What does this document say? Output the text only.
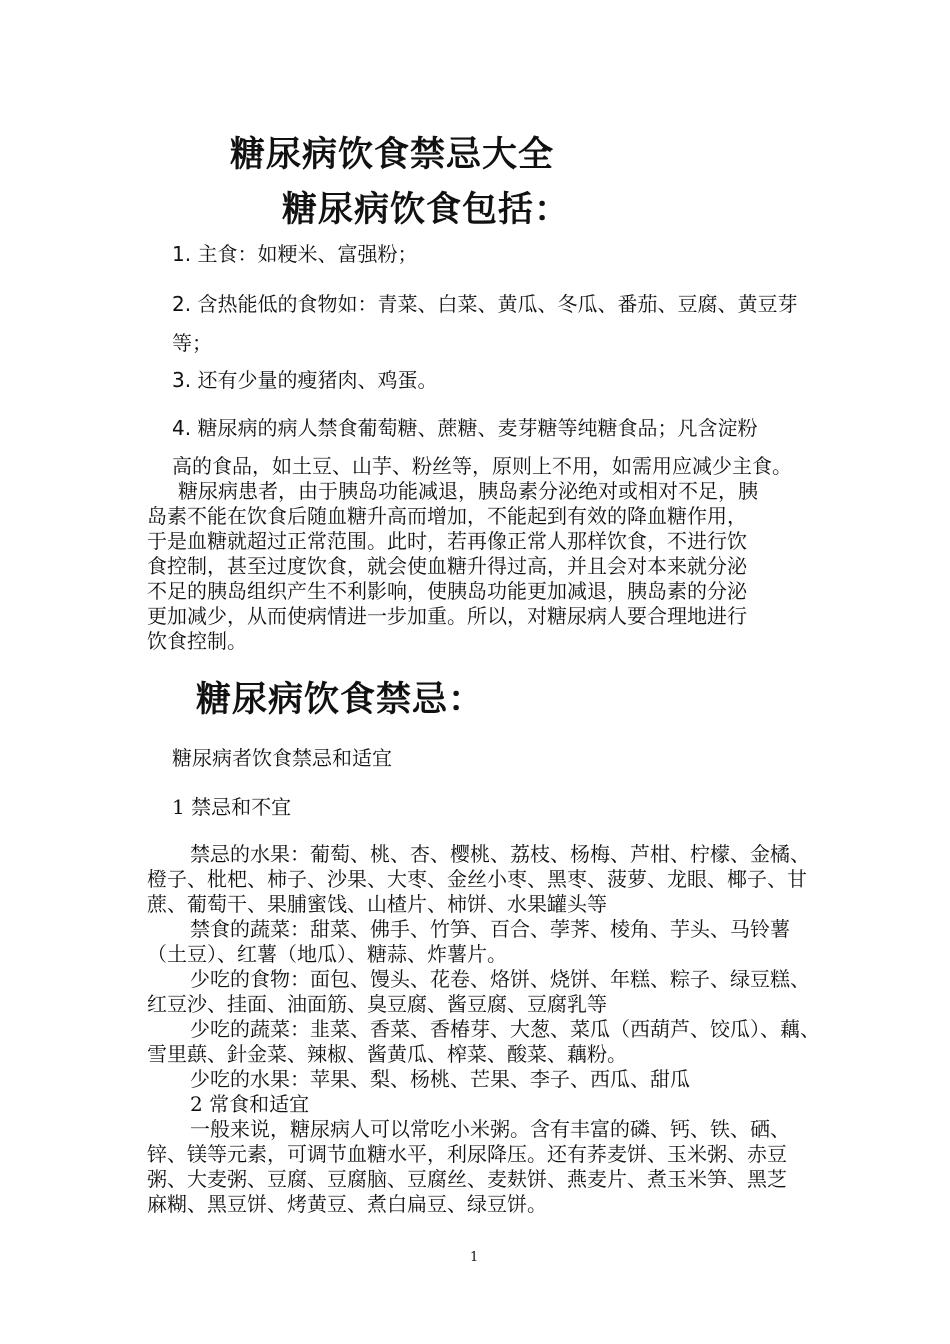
糖尿病饮食禁忌大全
糖尿病饮食包括：
1. 主食：如粳米、富强粉；
2. 含热能低的食物如：青菜、白菜、黄瓜、冬瓜、番茄、豆腐、黄豆芽
等；
3. 还有少量的瘦猪肉、鸡蛋。
4. 糖尿病的病人禁食葡萄糖、蔗糖、麦芽糖等纯糖食品；凡含淀粉
高的食品，如土豆、山芋、粉丝等，原则上不用，如需用应减少主食。
糖尿病患者，由于胰岛功能减退，胰岛素分泌绝对或相对不足，胰
岛素不能在饮食后随血糖升高而增加，不能起到有效的降血糖作用，
于是血糖就超过正常范围。此时，若再像正常人那样饮食，不进行饮
食控制，甚至过度饮食，就会使血糖升得过高，并且会对本来就分泌
不足的胰岛组织产生不利影响，使胰岛功能更加减退，胰岛素的分泌
更加减少，从而使病情进一步加重。所以，对糖尿病人要合理地进行
饮食控制。
糖尿病饮食禁忌：
糖尿病者饮食禁忌和适宜
1 禁忌和不宜
禁忌的水果：葡萄、桃、杏、樱桃、荔枝、杨梅、芦柑、柠檬、金橘、
橙子、枇杷、柿子、沙果、大枣、金丝小枣、黑枣、菠萝、龙眼、椰子、甘
蔗、葡萄干、果脯蜜饯、山楂片、柿饼、水果罐头等
禁食的蔬菜：甜菜、佛手、竹笋、百合、荸荠、棱角、芋头、马铃薯
（土豆）、红薯（地瓜）、糖蒜、炸薯片。
少吃的食物：面包、馒头、花卷、烙饼、烧饼、年糕、粽子、绿豆糕、
红豆沙、挂面、油面筋、臭豆腐、酱豆腐、豆腐乳等
少吃的蔬菜：韭菜、香菜、香椿芽、大葱、菜瓜（西葫芦、饺瓜）、藕、
雪里蕻、針金菜、辣椒、酱黄瓜、榨菜、酸菜、藕粉。
少吃的水果：苹果、梨、杨桃、芒果、李子、西瓜、甜瓜
2 常食和适宜
一般来说，糖尿病人可以常吃小米粥。含有丰富的磷、钙、铁、硒、
锌、镁等元素，可调节血糖水平，利尿降压。还有荞麦饼、玉米粥、赤豆
粥、大麦粥、豆腐、豆腐脑、豆腐丝、麦麸饼、燕麦片、煮玉米笋、黑芝
麻糊、黑豆饼、烤黄豆、煮白扁豆、绿豆饼。
1
